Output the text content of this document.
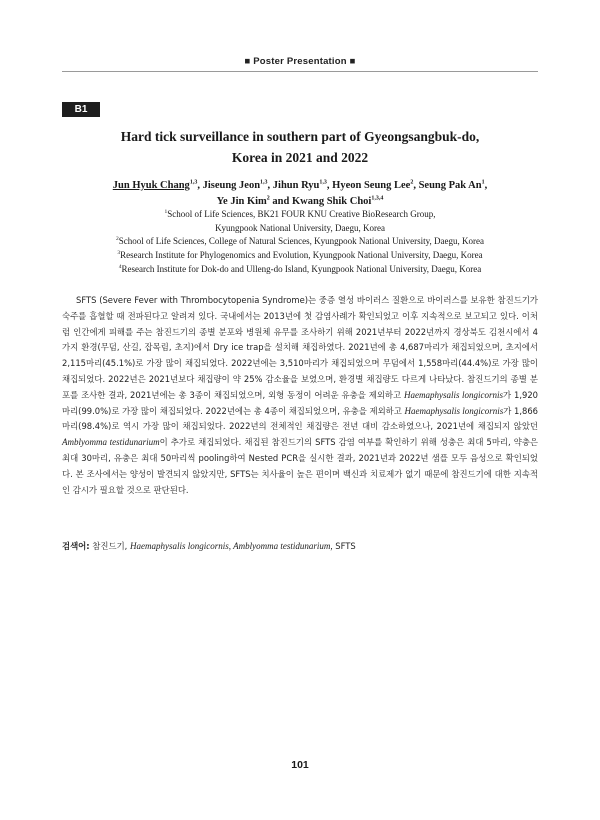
■ Poster Presentation ■
B1
Hard tick surveillance in southern part of Gyeongsangbuk-do,
Korea in 2021 and 2022
Jun Hyuk Chang$^{1,3}$, Jiseung Jeon$^{1,3}$, Jihun Ryu$^{1,3}$, Hyeon Seung Lee$^2$, Seung Pak An$^1$,
Ye Jin Kim$^2$ and Kwang Shik Choi$^{1,3,4}$
$^1$School of Life Sciences, BK21 FOUR KNU Creative BioResearch Group,
Kyungpook National University, Daegu, Korea
$^2$School of Life Sciences, College of Natural Sciences, Kyungpook National University, Daegu, Korea
$^3$Research Institute for Phylogenomics and Evolution, Kyungpook National University, Daegu, Korea
$^4$Research Institute for Dok-do and Ulleng-do Island, Kyungpook National University, Daegu, Korea

SFTS (Severe Fever with Thrombocytopenia Syndrome)는 중증 열성 바이러스 질환으로 바이러스를 보유한 참진드기가 숙주를 흡혈할 때 전파된다고 알려져 있다. 국내에서는 2013년에 첫 감염사례가 확인되었고 이후 지속적으로 보고되고 있다. 이처럼 인간에게 피해를 주는 참진드기의 종별 분포와 병원체 유무를 조사하기 위해 2021년부터 2022년까지 경상북도 김천시에서 4가지 환경(무덤, 산길, 잡목림, 초지)에서 Dry ice trap을 설치해 채집하였다. 2021년에 총 4,687마리가 채집되었으며, 초지에서 2,115마리(45.1%)로 가장 많이 채집되었다. 2022년에는 3,510마리가 채집되었으며 무덤에서 1,558마리(44.4%)로 가장 많이 채집되었다. 2022년은 2021년보다 채집량이 약 25% 감소율을 보였으며, 환경별 채집량도 다르게 나타났다. 참진드기의 종별 분포를 조사한 결과, 2021년에는 총 3종이 채집되었으며, 외형 동정이 어려운 유충을 제외하고 Haemaphysalis longicornis가 1,920마리(99.0%)로 가장 많이 채집되었다. 2022년에는 총 4종이 채집되었으며, 유충을 제외하고 Haemaphysalis longicornis가 1,866마리(98.4%)로 역시 가장 많이 채집되었다. 2022년의 전체적인 채집량은 전년 대비 감소하였으나, 2021년에 채집되지 않았던 Amblyomma testidunarium이 추가로 채집되었다. 채집된 참진드기의 SFTS 감염 여부를 확인하기 위해 성충은 최대 5마리, 약충은 최대 30마리, 유충은 최대 50마리씩 pooling하여 Nested PCR을 실시한 결과, 2021년과 2022년 샘플 모두 음성으로 확인되었다. 본 조사에서는 양성이 발견되지 않았지만, SFTS는 치사율이 높은 편이며 백신과 치료제가 없기 때문에 참진드기에 대한 지속적인 감시가 필요할 것으로 판단된다.

검색어: 참진드기, Haemaphysalis longicornis, Amblyomma testidunarium, SFTS
101
